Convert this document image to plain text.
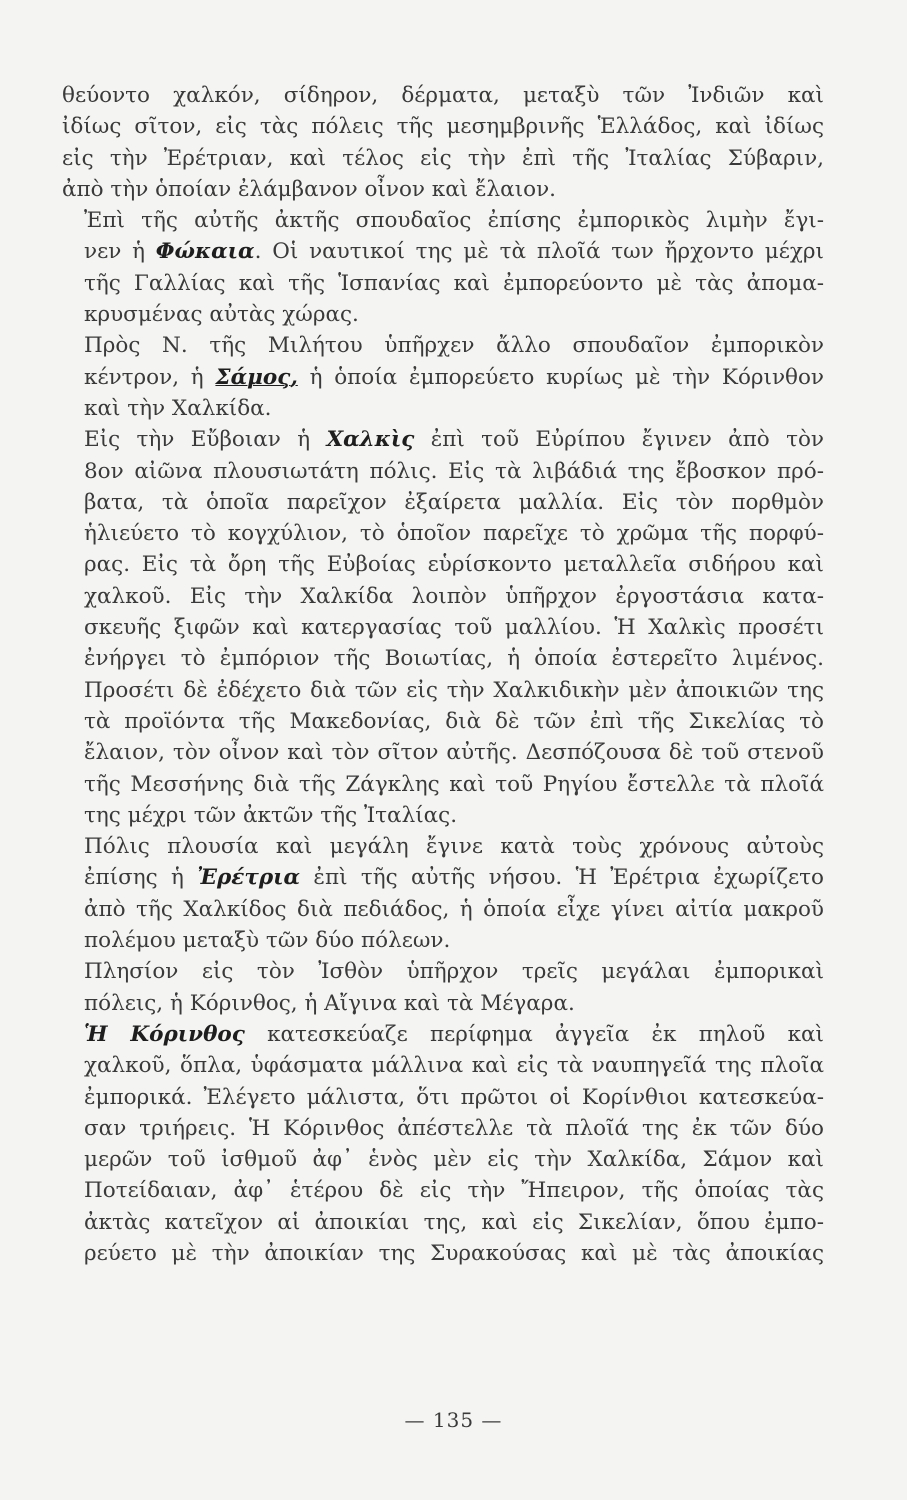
θεύοντο χαλκόν, σίδηρον, δέρματα, μεταξὺ τῶν Ἰνδιῶν καὶ
ἰδίως σῖτον, εἰς τὰς πόλεις τῆς μεσημβρινῆς Ἑλλάδος, καὶ ἰδίως
εἰς τὴν Ἐρέτριαν, καὶ τέλος εἰς τὴν ἐπὶ τῆς Ἰταλίας Σύβαριν,
ἀπὸ τὴν ὁποίαν ἐλάμβανον οἶνον καὶ ἔλαιον.
Ἐπὶ τῆς αὐτῆς ἀκτῆς σπουδαῖος ἐπίσης ἐμπορικὸς λιμὴν ἔγι-
νεν ἡ Φώκαια. Οἱ ναυτικοί της μὲ τὰ πλοῖά των ἤρχοντο μέχρι
τῆς Γαλλίας καὶ τῆς Ἱσπανίας καὶ ἐμπορεύοντο μὲ τὰς ἀπομα-
κρυσμένας αὐτὰς χώρας.
Πρὸς Ν. τῆς Μιλήτου ὑπῆρχεν ἄλλο σπουδαῖον ἐμπορικὸν
κέντρον, ἡ Σάμος, ἡ ὁποία ἐμπορεύετο κυρίως μὲ τὴν Κόρινθον
καὶ τὴν Χαλκίδα.
Εἰς τὴν Εὔβοιαν ἡ Χαλκὶς ἐπὶ τοῦ Εὐρίπου ἔγινεν ἀπὸ τὸν
8ον αἰῶνα πλουσιωτάτη πόλις. Εἰς τὰ λιβάδιά της ἔβοσκον πρό-
βατα, τὰ ὁποῖα παρεῖχον ἐξαίρετα μαλλία. Εἰς τὸν πορθμὸν
ἡλιεύετο τὸ κογχύλιον, τὸ ὁποῖον παρεῖχε τὸ χρῶμα τῆς πορφύ-
ρας. Εἰς τὰ ὄρη τῆς Εὐβοίας εὑρίσκοντο μεταλλεῖα σιδήρου καὶ
χαλκοῦ. Εἰς τὴν Χαλκίδα λοιπὸν ὑπῆρχον ἐργοστάσια κατα-
σκευῆς ξιφῶν καὶ κατεργασίας τοῦ μαλλίου. Ἡ Χαλκὶς προσέτι
ἐνήργει τὸ ἐμπόριον τῆς Βοιωτίας, ἡ ὁποία ἐστερεῖτο λιμένος.
Προσέτι δὲ ἐδέχετο διὰ τῶν εἰς τὴν Χαλκιδικὴν μὲν ἀποικιῶν της
τὰ προϊόντα τῆς Μακεδονίας, διὰ δὲ τῶν ἐπὶ τῆς Σικελίας τὸ
ἔλαιον, τὸν οἶνον καὶ τὸν σῖτον αὐτῆς. Δεσπόζουσα δὲ τοῦ στενοῦ
τῆς Μεσσήνης διὰ τῆς Ζάγκλης καὶ τοῦ Ρηγίου ἔστελλε τὰ πλοῖά
της μέχρι τῶν ἀκτῶν τῆς Ἰταλίας.
Πόλις πλουσία καὶ μεγάλη ἔγινε κατὰ τοὺς χρόνους αὐτοὺς
ἐπίσης ἡ Ἐρέτρια ἐπὶ τῆς αὐτῆς νήσου. Ἡ Ἐρέτρια ἐχωρίζετο
ἀπὸ τῆς Χαλκίδος διὰ πεδιάδος, ἡ ὁποία εἶχε γίνει αἰτία μακροῦ
πολέμου μεταξὺ τῶν δύο πόλεων.
Πλησίον εἰς τὸν Ἰσθὸν ὑπῆρχον τρεῖς μεγάλαι ἐμπορικαὶ
πόλεις, ἡ Κόρινθος, ἡ Αἴγινα καὶ τὰ Μέγαρα.
Ἡ Κόρινθος κατεσκεύαζε περίφημα ἀγγεῖα ἐκ πηλοῦ καὶ
χαλκοῦ, ὅπλα, ὑφάσματα μάλλινα καὶ εἰς τὰ ναυπηγεῖά της πλοῖα
ἐμπορικά. Ἐλέγετο μάλιστα, ὅτι πρῶτοι οἱ Κορίνθιοι κατεσκεύα-
σαν τριήρεις. Ἡ Κόρινθος ἀπέστελλε τὰ πλοῖά της ἐκ τῶν δύο
μερῶν τοῦ ἰσθμοῦ ἀφ᾽ ἑνὸς μὲν εἰς τὴν Χαλκίδα, Σάμον καὶ
Ποτείδαιαν, ἀφ᾽ ἑτέρου δὲ εἰς τὴν Ἤπειρον, τῆς ὁποίας τὰς
ἀκτὰς κατεῖχον αἱ ἀποικίαι της, καὶ εἰς Σικελίαν, ὅπου ἐμπο-
ρεύετο μὲ τὴν ἀποικίαν της Συρακούσας καὶ μὲ τὰς ἀποικίας
— 135 —
